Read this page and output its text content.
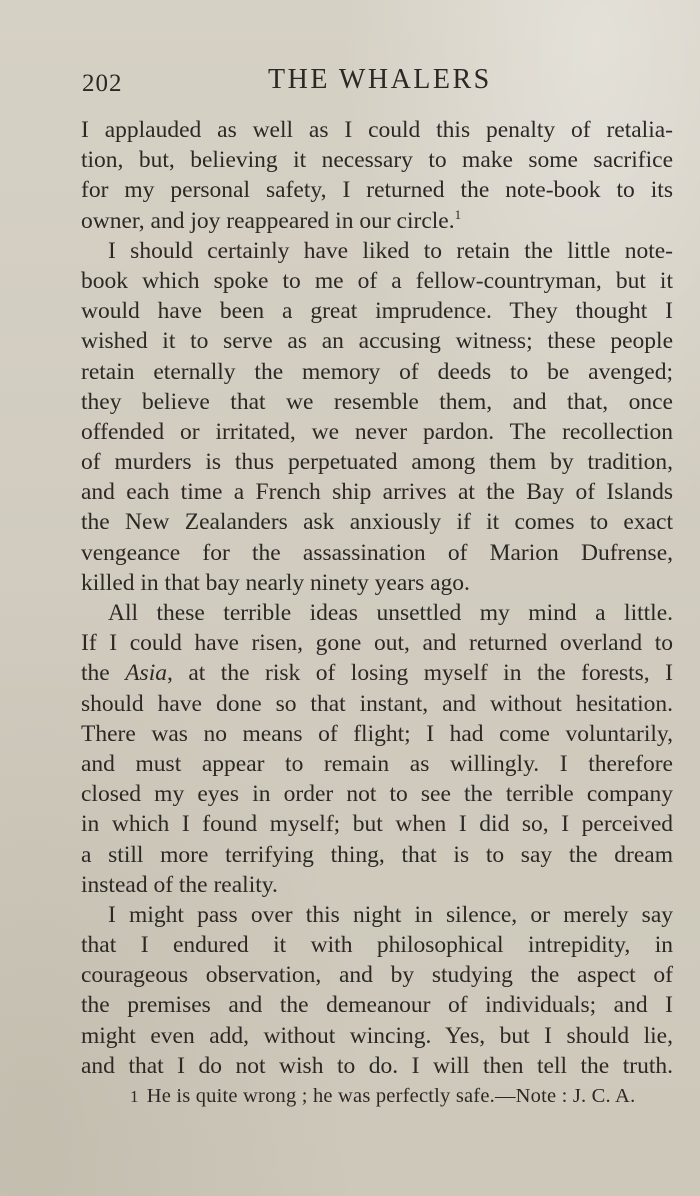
202	THE WHALERS
I applauded as well as I could this penalty of retalia-
tion, but, believing it necessary to make some sacrifice
for my personal safety, I returned the note-book to its
owner, and joy reappeared in our circle.$^1$
I should certainly have liked to retain the little note-
book which spoke to me of a fellow-countryman, but it
would have been a great imprudence. They thought I
wished it to serve as an accusing witness; these people
retain eternally the memory of deeds to be avenged;
they believe that we resemble them, and that, once
offended or irritated, we never pardon. The recollection
of murders is thus perpetuated among them by tradition,
and each time a French ship arrives at the Bay of Islands
the New Zealanders ask anxiously if it comes to exact
vengeance for the assassination of Marion Dufrense,
killed in that bay nearly ninety years ago.
All these terrible ideas unsettled my mind a little.
If I could have risen, gone out, and returned overland to
the Asia, at the risk of losing myself in the forests, I
should have done so that instant, and without hesitation.
There was no means of flight; I had come voluntarily,
and must appear to remain as willingly. I therefore
closed my eyes in order not to see the terrible company
in which I found myself; but when I did so, I perceived
a still more terrifying thing, that is to say the dream
instead of the reality.
I might pass over this night in silence, or merely say
that I endured it with philosophical intrepidity, in
courageous observation, and by studying the aspect of
the premises and the demeanour of individuals; and I
might even add, without wincing. Yes, but I should lie,
and that I do not wish to do. I will then tell the truth.
1 He is quite wrong ; he was perfectly safe.—Note : J. C. A.
